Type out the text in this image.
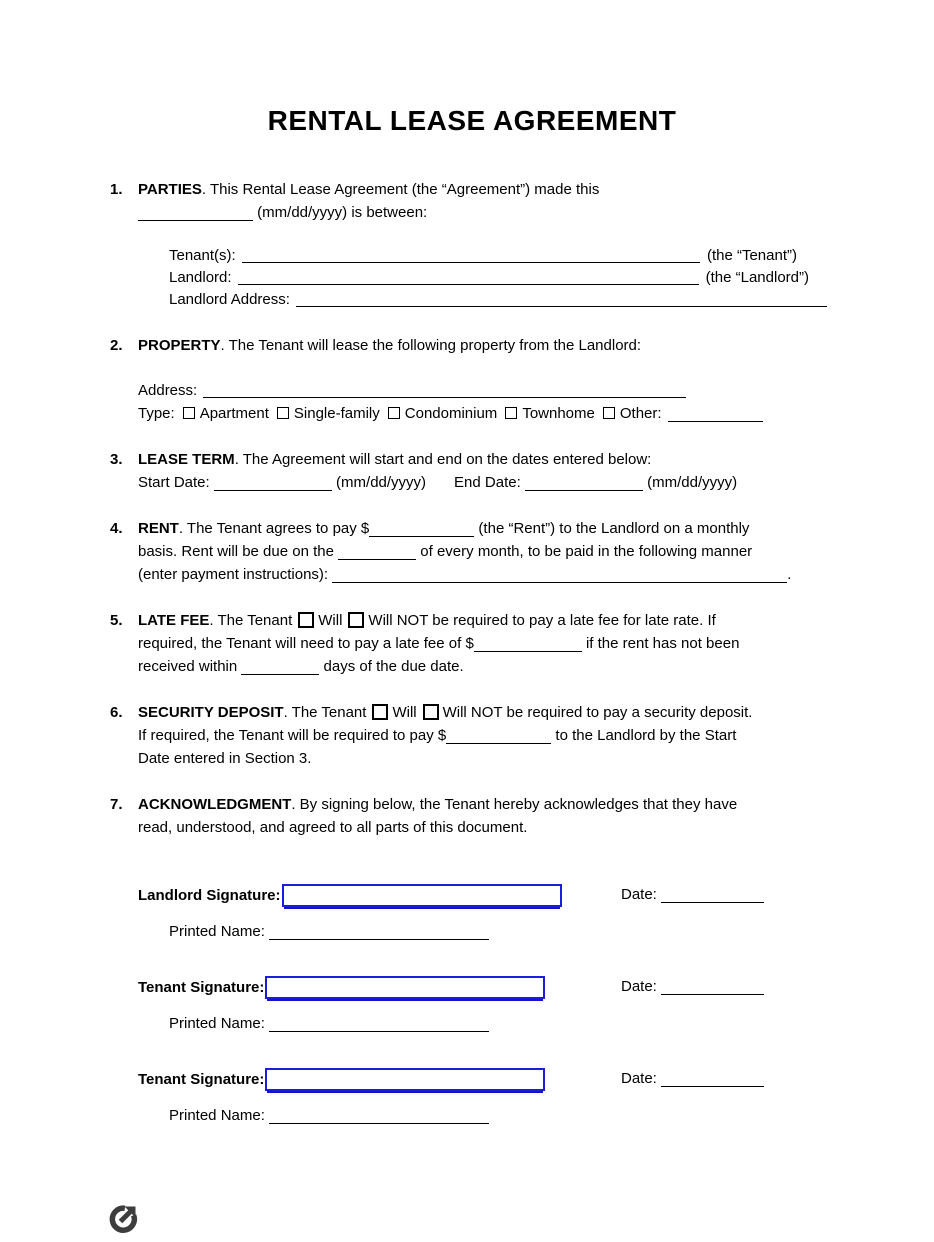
RENTAL LEASE AGREEMENT
1.	PARTIES. This Rental Lease Agreement (the “Agreement”) made this
(mm/dd/yyyy) is between:
Tenant(s):	(the “Tenant”)
Landlord:	(the “Landlord”)
Landlord Address:
2.	PROPERTY. The Tenant will lease the following property from the Landlord:
Address:
Type: Apartment Single-family Condominium Townhome Other:
3.	LEASE TERM. The Agreement will start and end on the dates entered below:
Start Date:	(mm/dd/yyyy) End Date:	(mm/dd/yyyy)
4.	RENT. The Tenant agrees to pay $	(the “Rent”) to the Landlord on a monthly
basis. Rent will be due on the	of every month, to be paid in the following manner
(enter payment instructions):	.
5.	LATE FEE. The Tenant Will Will NOT be required to pay a late fee for late rate. If
required, the Tenant will need to pay a late fee of $	if the rent has not been
received within	days of the due date.
6.	SECURITY DEPOSIT. The Tenant Will Will NOT be required to pay a security deposit.
If required, the Tenant will be required to pay $	to the Landlord by the Start
Date entered in Section 3.
7.	ACKNOWLEDGMENT. By signing below, the Tenant hereby acknowledges that they have
read, understood, and agreed to all parts of this document.
Landlord Signature:	Date:
Printed Name:
Tenant Signature:	Date:
Printed Name:
Tenant Signature:	Date:
Printed Name:
